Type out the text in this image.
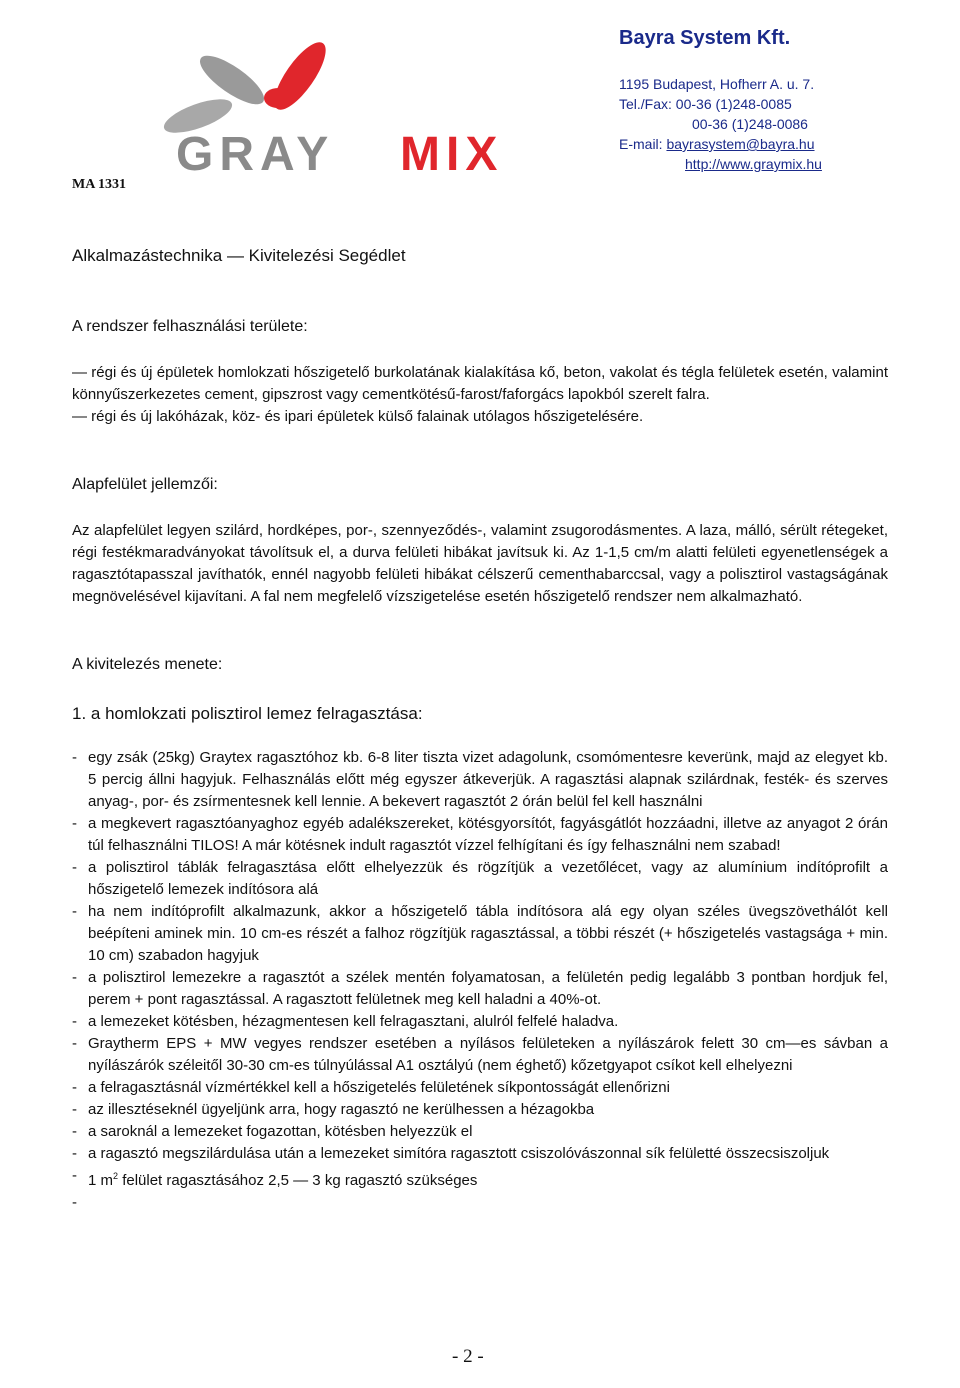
GRAY MIX
MA 1331
Bayra System Kft.
1195 Budapest, Hofherr A. u. 7.
Tel./Fax: 00-36 (1)248-0085
00-36 (1)248-0086
E-mail: bayrasystem@bayra.hu
http://www.graymix.hu
Alkalmazástechnika — Kivitelezési Segédlet
A rendszer felhasználási területe:
— régi és új épületek homlokzati hőszigetelő burkolatának kialakítása kő, beton, vakolat és tégla felületek esetén, valamint könnyűszerkezetes cement, gipszrost vagy cementkötésű-farost/faforgács lapokból szerelt falra.
— régi és új lakóházak, köz- és ipari épületek külső falainak utólagos hőszigetelésére.
Alapfelület jellemzői:
Az alapfelület legyen szilárd, hordképes, por-, szennyeződés-, valamint zsugorodásmentes. A laza, málló, sérült rétegeket, régi festékmaradványokat távolítsuk el, a durva felületi hibákat javítsuk ki. Az 1-1,5 cm/m alatti felületi egyenetlenségek a ragasztótapasszal javíthatók, ennél nagyobb felületi hibákat célszerű cementhabarccsal, vagy a polisztirol vastagságának megnövelésével kijavítani. A fal nem megfelelő vízszigetelése esetén hőszigetelő rendszer nem alkalmazható.
A kivitelezés menete:
1. a homlokzati polisztirol lemez felragasztása:
- egy zsák (25kg) Graytex ragasztóhoz kb. 6-8 liter tiszta vizet adagolunk, csomómentesre keverünk, majd az elegyet kb. 5 percig állni hagyjuk. Felhasználás előtt még egyszer átkeverjük. A ragasztási alapnak szilárdnak, festék- és szerves anyag-, por- és zsírmentesnek kell lennie. A bekevert ragasztót 2 órán belül fel kell használni
- a megkevert ragasztóanyaghoz egyéb adalékszereket, kötésgyorsítót, fagyásgátlót hozzáadni, illetve az anyagot 2 órán túl felhasználni TILOS! A már kötésnek indult ragasztót vízzel felhígítani és így felhasználni nem szabad!
- a polisztirol táblák felragasztása előtt elhelyezzük és rögzítjük a vezetőlécet, vagy az alumínium indítóprofilt a hőszigetelő lemezek indítósora alá
- ha nem indítóprofilt alkalmazunk, akkor a hőszigetelő tábla indítósora alá egy olyan széles üvegszövethálót kell beépíteni aminek min. 10 cm-es részét a falhoz rögzítjük ragasztással, a többi részét (+ hőszigetelés vastagsága + min. 10 cm) szabadon hagyjuk
- a polisztirol lemezekre a ragasztót a szélek mentén folyamatosan, a felületén pedig legalább 3 pontban hordjuk fel, perem + pont ragasztással. A ragasztott felületnek meg kell haladni a 40%-ot.
- a lemezeket kötésben, hézagmentesen kell felragasztani, alulról felfelé haladva.
- Graytherm EPS + MW vegyes rendszer esetében a nyílásos felületeken a nyílászárok felett 30 cm—es sávban a nyílászárók széleitől 30-30 cm-es túlnyúlással A1 osztályú (nem éghető) kőzetgyapot csíkot kell elhelyezni
- a felragasztásnál vízmértékkel kell a hőszigetelés felületének síkpontosságát ellenőrizni
- az illesztéseknél ügyeljünk arra, hogy ragasztó ne kerülhessen a hézagokba
- a saroknál a lemezeket fogazottan, kötésben helyezzük el
- a ragasztó megszilárdulása után a lemezeket simítóra ragasztott csiszolóvászonnal sík felületté összecsiszoljuk
- 1 $m^2$ felület ragasztásához 2,5 — 3 kg ragasztó szükséges
- 2 -
